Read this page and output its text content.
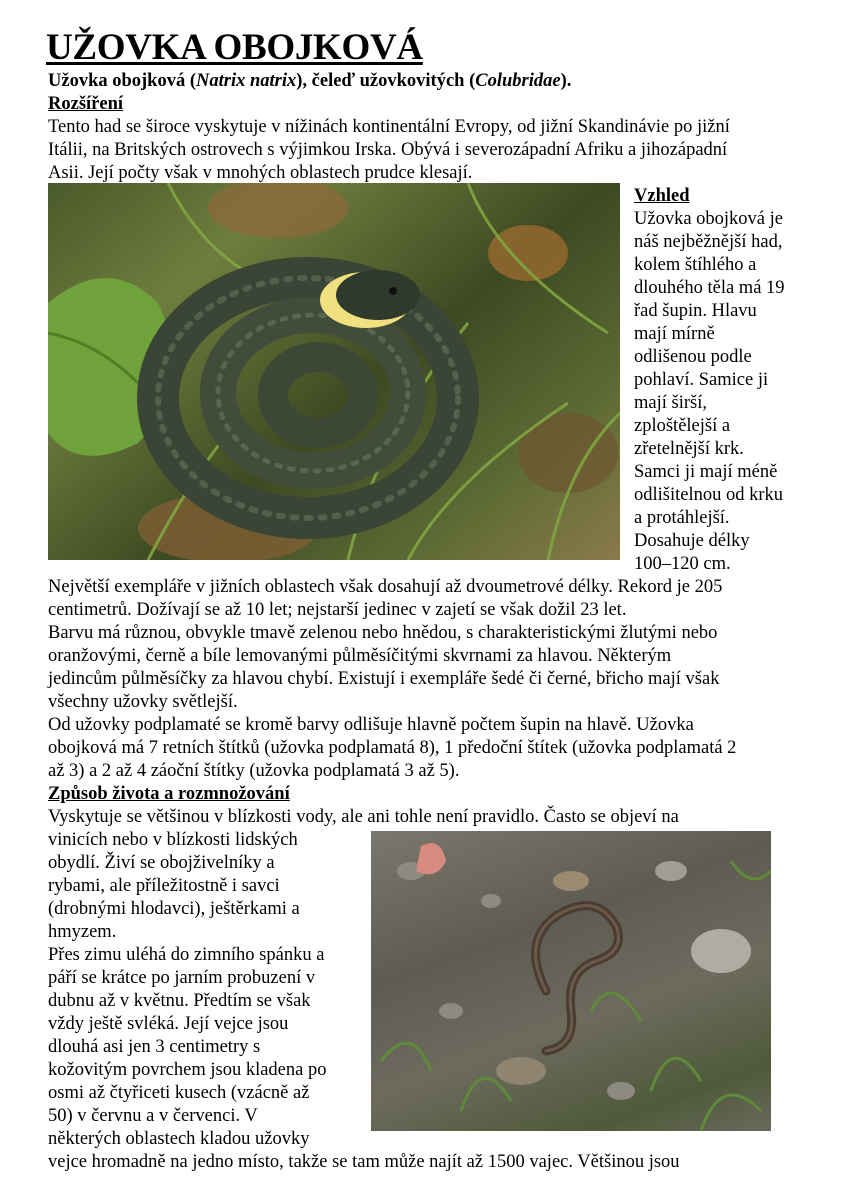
UŽOVKA OBOJKOVÁ
Užovka obojková (Natrix natrix), čeleď užovkovitých (Colubridae).
Rozšíření
Tento had se široce vyskytuje v nížinách kontinentální Evropy, od jižní Skandinávie po jižní
Itálii, na Britských ostrovech s výjimkou Irska. Obývá i severozápadní Afriku a jihozápadní
Asii. Její počty však v mnohých oblastech prudce klesají.
Vzhled
Užovka obojková je
náš nejběžnější had,
kolem štíhlého a
dlouhého těla má 19
řad šupin. Hlavu
mají mírně
odlišenou podle
pohlaví. Samice ji
mají širší,
zploštělejší a
zřetelnější krk.
Samci ji mají méně
odlišitelnou od krku
a protáhlejší.
Dosahuje délky
100–120 cm.
Největší exempláře v jižních oblastech však dosahují až dvoumetrové délky. Rekord je 205
centimetrů. Dožívají se až 10 let; nejstarší jedinec v zajetí se však dožil 23 let.
Barvu má různou, obvykle tmavě zelenou nebo hnědou, s charakteristickými žlutými nebo
oranžovými, černě a bíle lemovanými půlměsíčitými skvrnami za hlavou. Některým
jedincům půlměsíčky za hlavou chybí. Existují i exempláře šedé či černé, břicho mají však
všechny užovky světlejší.
Od užovky podplamaté se kromě barvy odlišuje hlavně počtem šupin na hlavě. Užovka
obojková má 7 retních štítků (užovka podplamatá 8), 1 předoční štítek (užovka podplamatá 2
až 3) a 2 až 4 záoční štítky (užovka podplamatá 3 až 5).
Způsob života a rozmnožování
Vyskytuje se většinou v blízkosti vody, ale ani tohle není pravidlo. Často se objeví na
vinicích nebo v blízkosti lidských
obydlí. Živí se obojživelníky a
rybami, ale příležitostně i savci
(drobnými hlodavci), ještěrkami a
hmyzem.
Přes zimu uléhá do zimního spánku a
páří se krátce po jarním probuzení v
dubnu až v květnu. Předtím se však
vždy ještě svléká. Její vejce jsou
dlouhá asi jen 3 centimetry s
kožovitým povrchem jsou kladena po
osmi až čtyřiceti kusech (vzácně až
50) v červnu a v červenci. V
některých oblastech kladou užovky
vejce hromadně na jedno místo, takže se tam může najít až 1500 vajec. Většinou jsou
